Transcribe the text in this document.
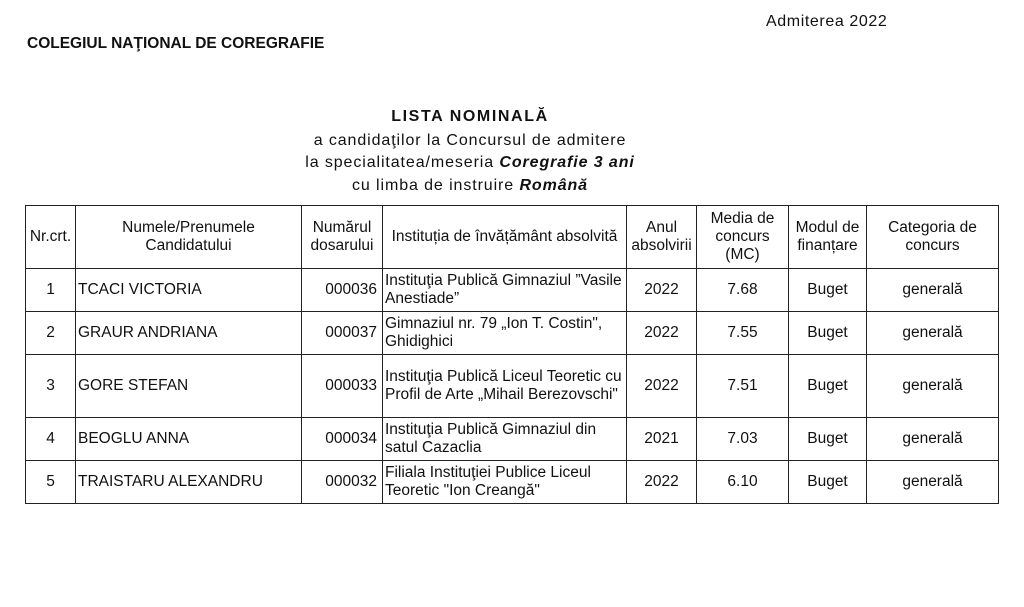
Admiterea 2022
COLEGIUL NAŢIONAL DE COREGRAFIE
LISTA NOMINALĂ
a candidaţilor la Concursul de admitere
la specialitatea/meseria Coregrafie 3 ani
cu limba de instruire Română
Nr.crt.	Numele/Prenumele Candidatului	Numărul dosarului	Instituția de învățământ absolvită	Anul absolvirii	Media de concurs (MC)	Modul de finanțare	Categoria de concurs
1	TCACI VICTORIA	000036	Instituţia Publică Gimnaziul ”Vasile Anestiade”	2022	7.68	Buget	generală
2	GRAUR ANDRIANA	000037	Gimnaziul nr. 79 „Ion T. Costin", Ghidighici	2022	7.55	Buget	generală
3	GORE STEFAN	000033	Instituţia Publică Liceul Teoretic cu Profil de Arte „Mihail Berezovschi"	2022	7.51	Buget	generală
4	BEOGLU ANNA	000034	Instituţia Publică Gimnaziul din satul Cazaclia	2021	7.03	Buget	generală
5	TRAISTARU ALEXANDRU	000032	Filiala Instituţiei Publice Liceul Teoretic "Ion Creangă"	2022	6.10	Buget	generală
